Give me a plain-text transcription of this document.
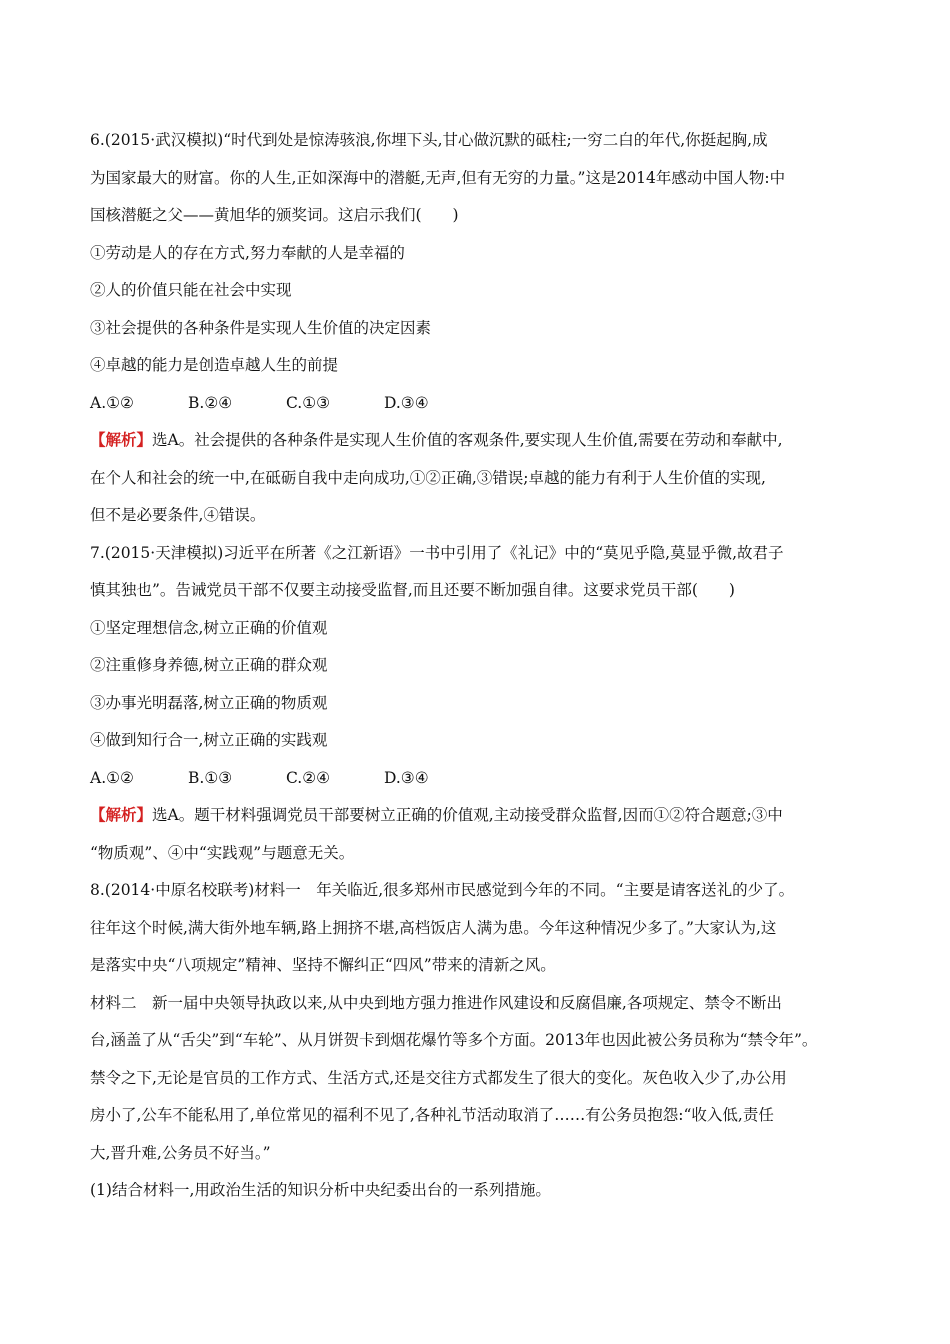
6.(2015·武汉模拟)“时代到处是惊涛骇浪,你埋下头,甘心做沉默的砥柱;一穷二白的年代,你挺起胸,成

为国家最大的财富。你的人生,正如深海中的潜艇,无声,但有无穷的力量。”这是2014年感动中国人物:中

国核潜艇之父——黄旭华的颁奖词。这启示我们(　　)

①劳动是人的存在方式,努力奉献的人是幸福的

②人的价值只能在社会中实现

③社会提供的各种条件是实现人生价值的决定因素

④卓越的能力是创造卓越人生的前提

A.①②	B.②④	C.①③	D.③④

【解析】选A。社会提供的各种条件是实现人生价值的客观条件,要实现人生价值,需要在劳动和奉献中,

在个人和社会的统一中,在砥砺自我中走向成功,①②正确,③错误;卓越的能力有利于人生价值的实现,

但不是必要条件,④错误。

7.(2015·天津模拟)习近平在所著《之江新语》一书中引用了《礼记》中的“莫见乎隐,莫显乎微,故君子

慎其独也”。告诫党员干部不仅要主动接受监督,而且还要不断加强自律。这要求党员干部(　　)

①坚定理想信念,树立正确的价值观

②注重修身养德,树立正确的群众观

③办事光明磊落,树立正确的物质观

④做到知行合一,树立正确的实践观

A.①②	B.①③	C.②④	D.③④

【解析】选A。题干材料强调党员干部要树立正确的价值观,主动接受群众监督,因而①②符合题意;③中

“物质观”、④中“实践观”与题意无关。

8.(2014·中原名校联考)材料一　年关临近,很多郑州市民感觉到今年的不同。“主要是请客送礼的少了。

往年这个时候,满大街外地车辆,路上拥挤不堪,高档饭店人满为患。今年这种情况少多了。”大家认为,这

是落实中央“八项规定”精神、坚持不懈纠正“四风”带来的清新之风。

材料二　新一届中央领导执政以来,从中央到地方强力推进作风建设和反腐倡廉,各项规定、禁令不断出

台,涵盖了从“舌尖”到“车轮”、从月饼贺卡到烟花爆竹等多个方面。2013年也因此被公务员称为“禁令年”。

禁令之下,无论是官员的工作方式、生活方式,还是交往方式都发生了很大的变化。灰色收入少了,办公用

房小了,公车不能私用了,单位常见的福利不见了,各种礼节活动取消了……有公务员抱怨:“收入低,责任

大,晋升难,公务员不好当。”

(1)结合材料一,用政治生活的知识分析中央纪委出台的一系列措施。
